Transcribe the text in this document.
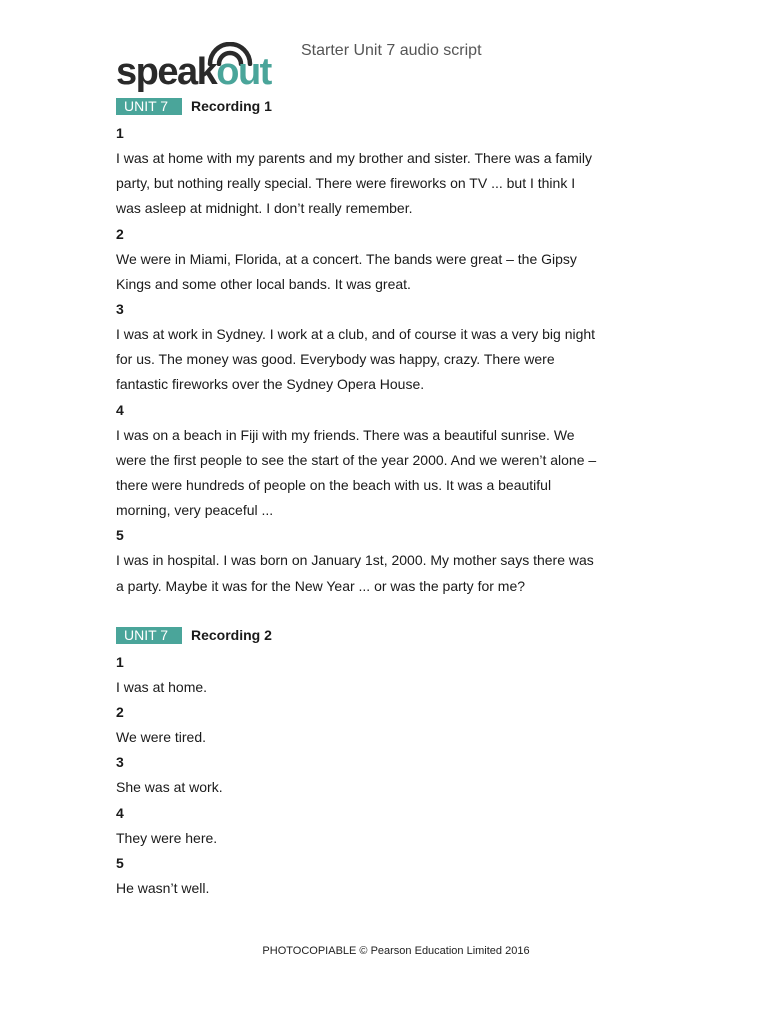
speakout
Starter Unit 7 audio script
UNIT 7	Recording 1
1
I was at home with my parents and my brother and sister. There was a family
party, but nothing really special. There were fireworks on TV ... but I think I
was asleep at midnight. I don’t really remember.
2
We were in Miami, Florida, at a concert. The bands were great – the Gipsy
Kings and some other local bands. It was great.
3
I was at work in Sydney. I work at a club, and of course it was a very big night
for us. The money was good. Everybody was happy, crazy. There were
fantastic fireworks over the Sydney Opera House.
4
I was on a beach in Fiji with my friends. There was a beautiful sunrise. We
were the first people to see the start of the year 2000. And we weren’t alone –
there were hundreds of people on the beach with us. It was a beautiful
morning, very peaceful ...
5
I was in hospital. I was born on January 1st, 2000. My mother says there was
a party. Maybe it was for the New Year ... or was the party for me?
UNIT 7	Recording 2
1
I was at home.
2
We were tired.
3
She was at work.
4
They were here.
5
He wasn’t well.
PHOTOCOPIABLE © Pearson Education Limited 2016
